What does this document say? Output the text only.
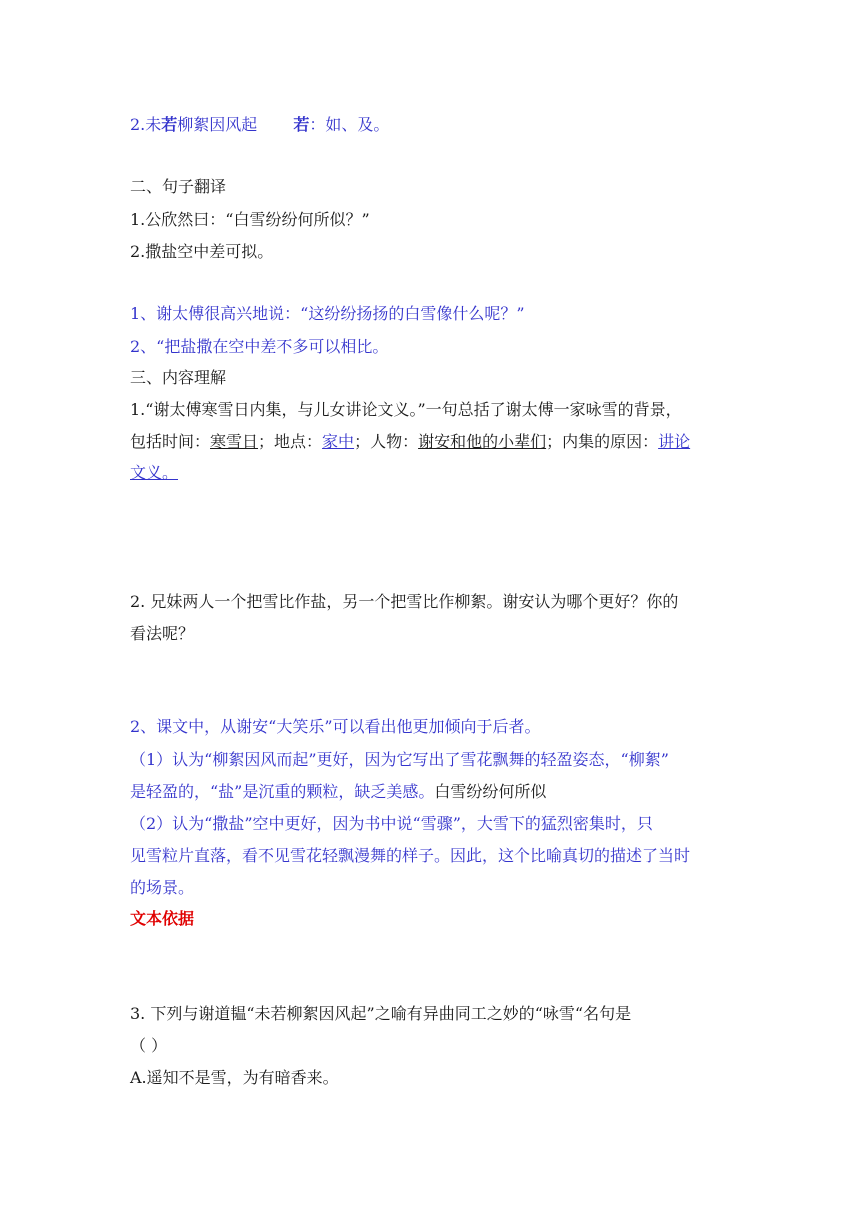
2.未若柳絮因风起 若：如、及。
二、句子翻译
1.公欣然曰：“白雪纷纷何所似？”
2.撒盐空中差可拟。
1、谢太傅很高兴地说：“这纷纷扬扬的白雪像什么呢？”
2、“把盐撒在空中差不多可以相比。
三、内容理解
1.“谢太傅寒雪日内集，与儿女讲论文义。”一句总括了谢太傅一家咏雪的背景，
包括时间：寒雪日；地点：家中；人物：谢安和他的小辈们；内集的原因：讲论
文义。
2. 兄妹两人一个把雪比作盐，另一个把雪比作柳絮。谢安认为哪个更好？你的
看法呢？
2、课文中，从谢安“大笑乐”可以看出他更加倾向于后者。
（1）认为“柳絮因风而起”更好，因为它写出了雪花飘舞的轻盈姿态，“柳絮”
是轻盈的，“盐”是沉重的颗粒，缺乏美感。白雪纷纷何所似
（2）认为“撒盐”空中更好，因为书中说“雪骤”，大雪下的猛烈密集时，只
见雪粒片直落，看不见雪花轻飘漫舞的样子。因此，这个比喻真切的描述了当时
的场景。
文本依据
3. 下列与谢道韫“未若柳絮因风起”之喻有异曲同工之妙的“咏雪“名句是
（ ）
A.遥知不是雪，为有暗香来。
